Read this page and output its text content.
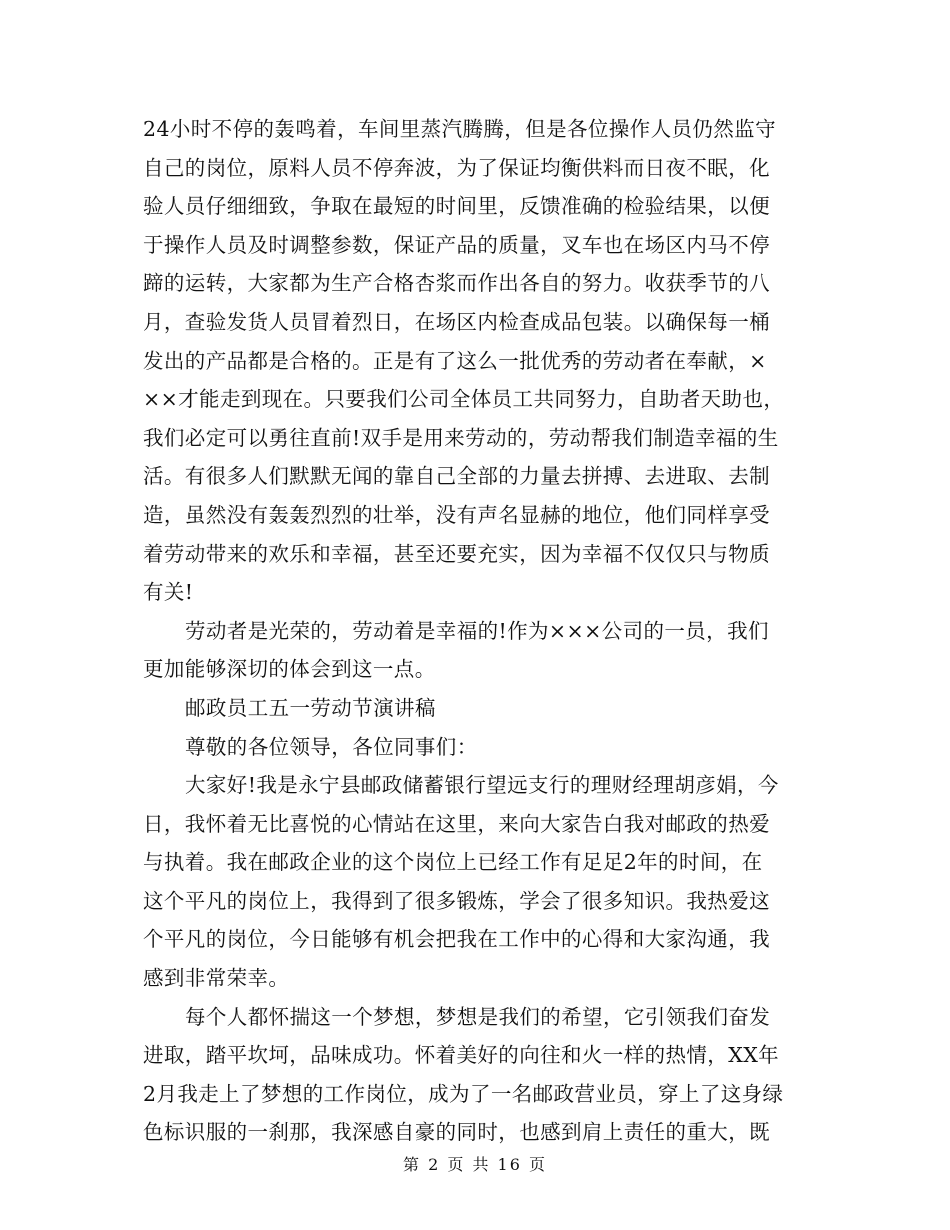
24小时不停的轰鸣着，车间里蒸汽腾腾，但是各位操作人员仍然监守
自己的岗位，原料人员不停奔波，为了保证均衡供料而日夜不眠，化
验人员仔细细致，争取在最短的时间里，反馈准确的检验结果，以便
于操作人员及时调整参数，保证产品的质量，叉车也在场区内马不停
蹄的运转，大家都为生产合格杏浆而作出各自的努力。收获季节的八
月，查验发货人员冒着烈日，在场区内检查成品包装。以确保每一桶
发出的产品都是合格的。正是有了这么一批优秀的劳动者在奉献，×
××才能走到现在。只要我们公司全体员工共同努力，自助者天助也，
我们必定可以勇往直前!双手是用来劳动的，劳动帮我们制造幸福的生
活。有很多人们默默无闻的靠自己全部的力量去拼搏、去进取、去制
造，虽然没有轰轰烈烈的壮举，没有声名显赫的地位，他们同样享受
着劳动带来的欢乐和幸福，甚至还要充实，因为幸福不仅仅只与物质
有关!
劳动者是光荣的，劳动着是幸福的!作为×××公司的一员，我们
更加能够深切的体会到这一点。
邮政员工五一劳动节演讲稿
尊敬的各位领导，各位同事们：
大家好!我是永宁县邮政储蓄银行望远支行的理财经理胡彦娟，今
日，我怀着无比喜悦的心情站在这里，来向大家告白我对邮政的热爱
与执着。我在邮政企业的这个岗位上已经工作有足足2年的时间，在
这个平凡的岗位上，我得到了很多锻炼，学会了很多知识。我热爱这
个平凡的岗位，今日能够有机会把我在工作中的心得和大家沟通，我
感到非常荣幸。
每个人都怀揣这一个梦想，梦想是我们的希望，它引领我们奋发
进取，踏平坎坷，品味成功。怀着美好的向往和火一样的热情，XX年
2月我走上了梦想的工作岗位，成为了一名邮政营业员，穿上了这身绿
色标识服的一刹那，我深感自豪的同时，也感到肩上责任的重大，既
第 2 页 共 16 页
